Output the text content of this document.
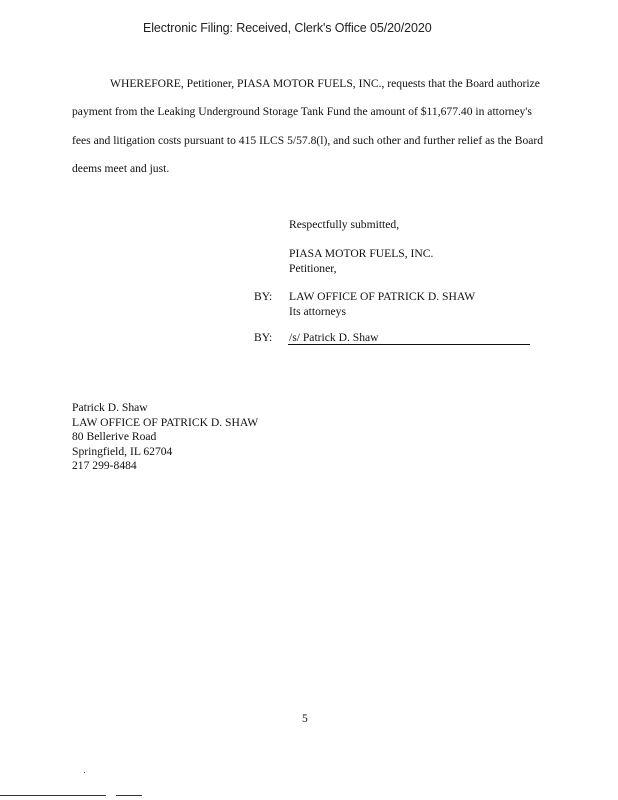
Electronic Filing: Received, Clerk's Office 05/20/2020

WHEREFORE, Petitioner, PIASA MOTOR FUELS, INC., requests that the Board authorize payment from the Leaking Underground Storage Tank Fund the amount of $11,677.40 in attorney's fees and litigation costs pursuant to 415 ILCS 5/57.8(l), and such other and further relief as the Board deems meet and just.

Respectfully submitted,
PIASA MOTOR FUELS, INC.
Petitioner,
BY: LAW OFFICE OF PATRICK D. SHAW
Its attorneys
BY: /s/ Patrick D. Shaw
Patrick D. Shaw
LAW OFFICE OF PATRICK D. SHAW
80 Bellerive Road
Springfield, IL 62704
217 299-8484
5
